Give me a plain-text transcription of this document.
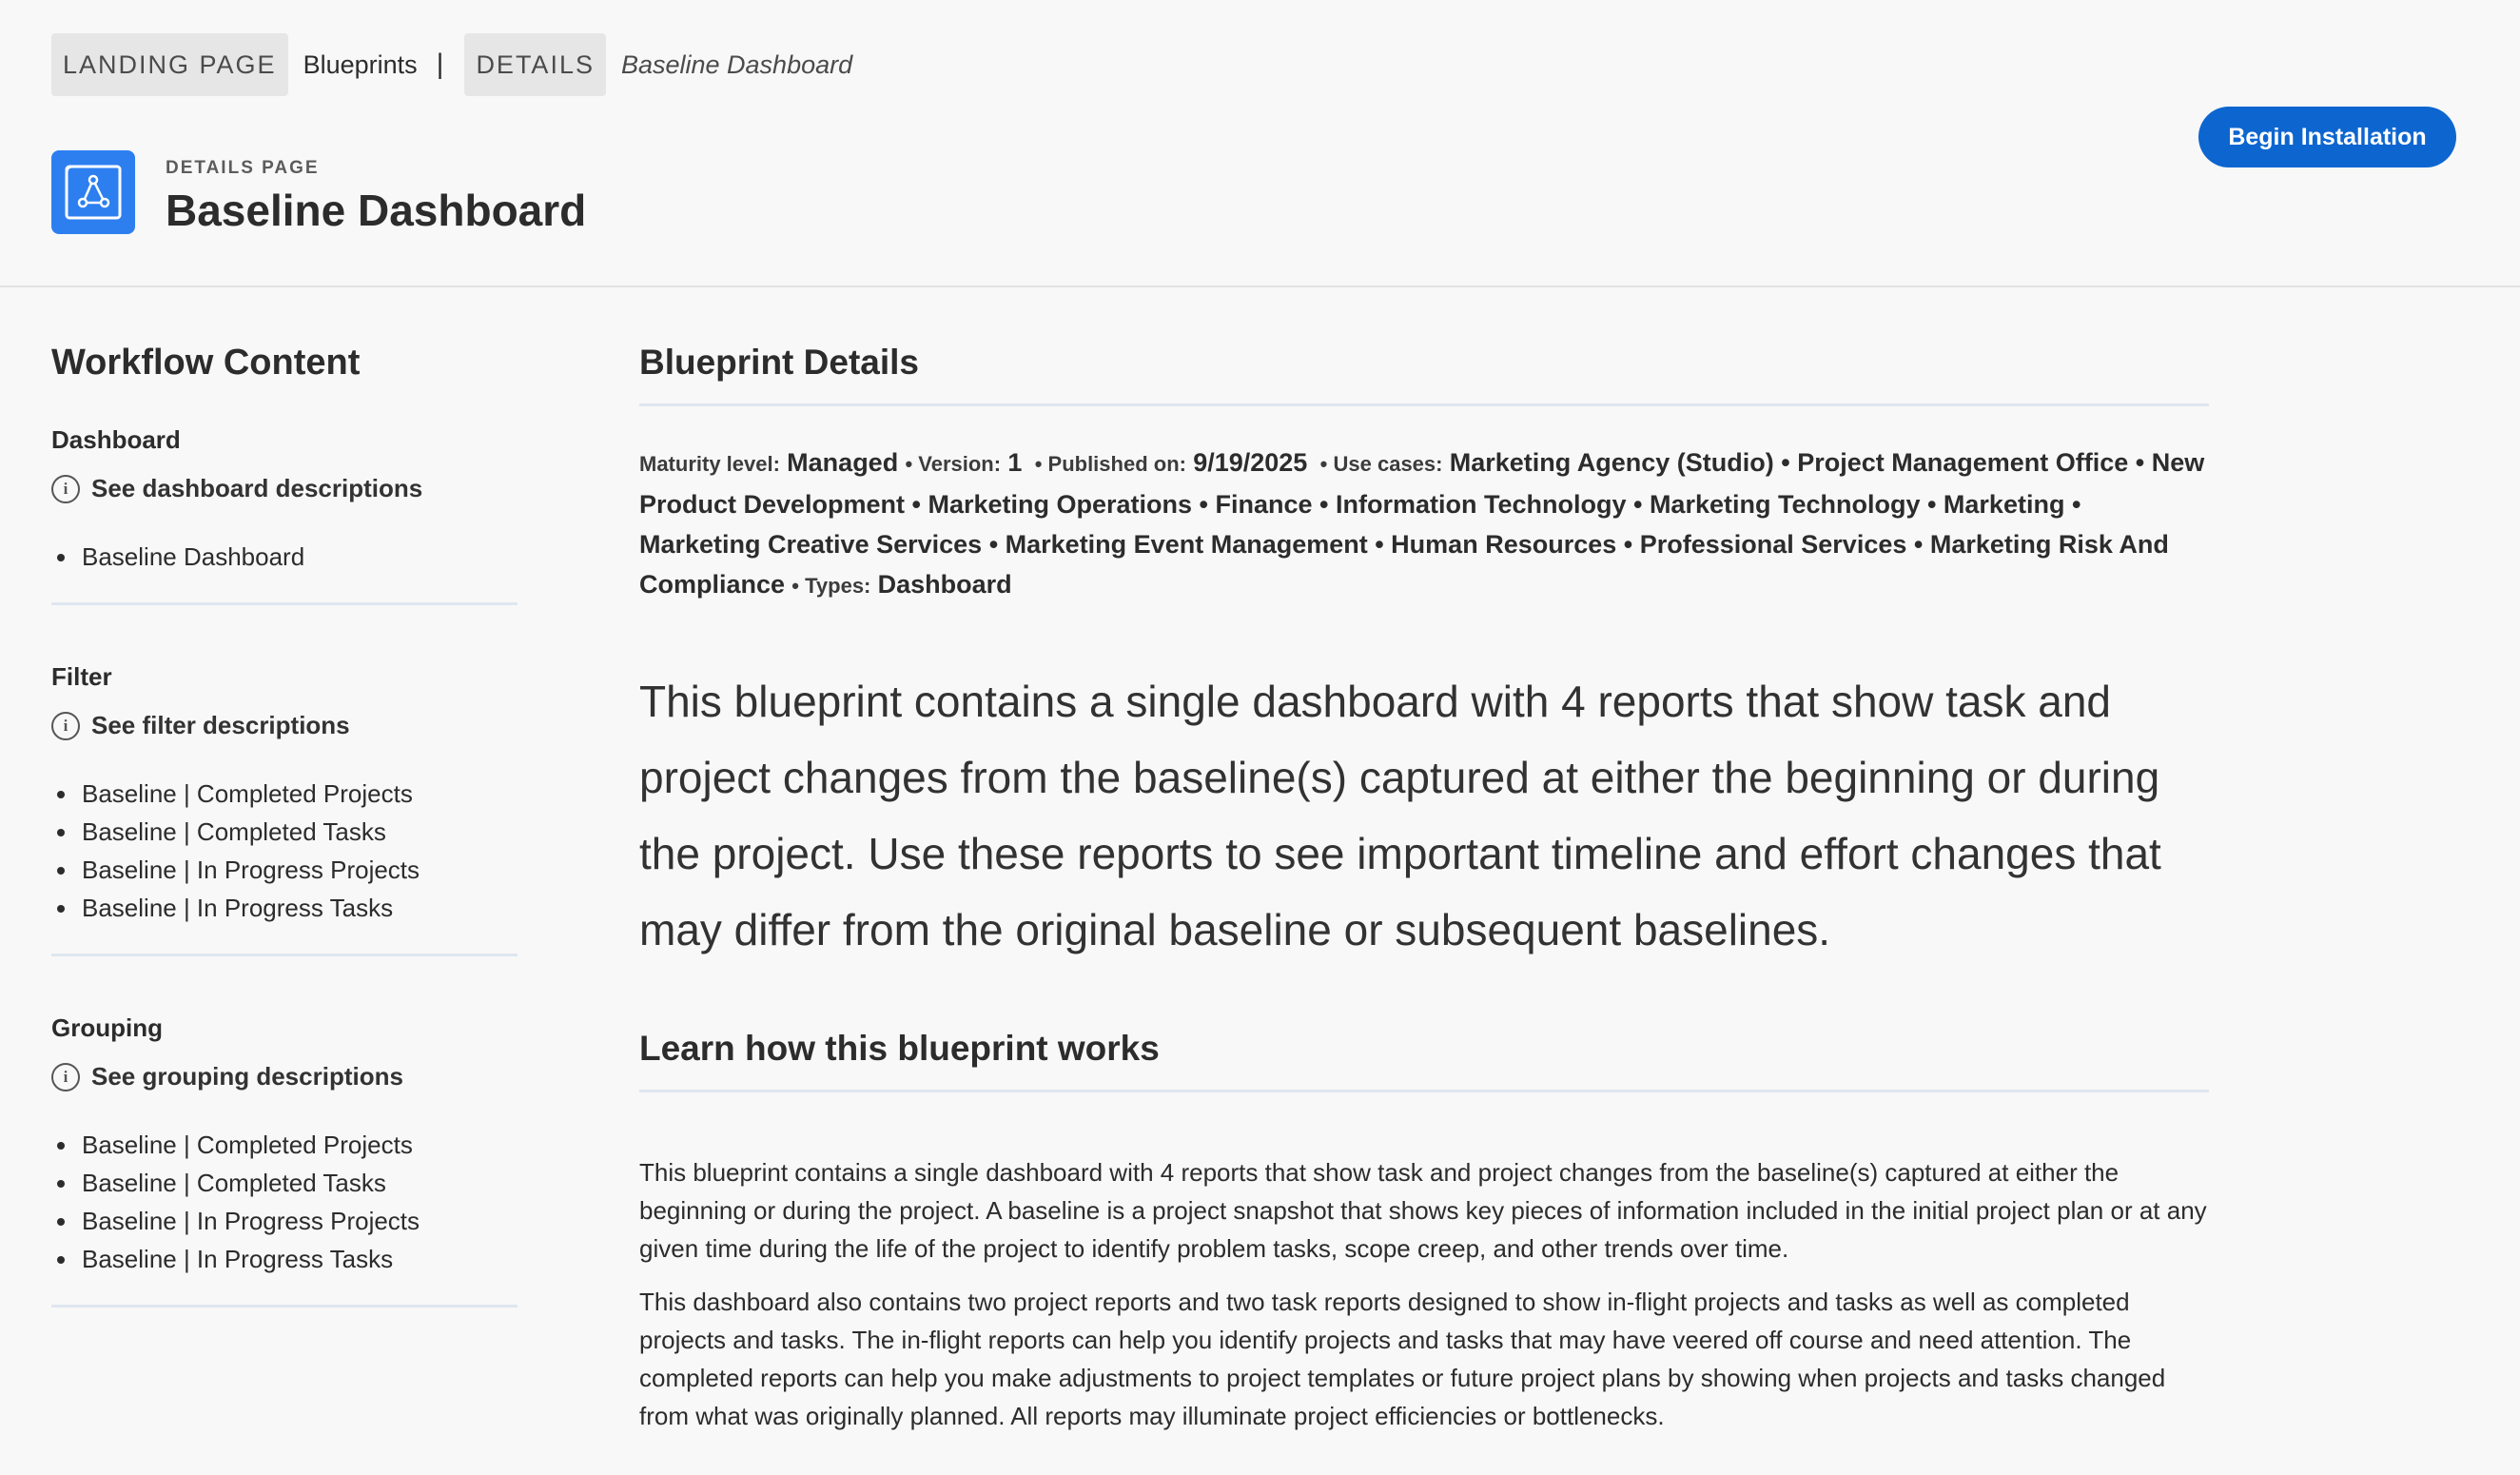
LANDING PAGE	Blueprints |	DETAILS	Baseline Dashboard
DETAILS PAGE
Baseline Dashboard
Begin Installation
Workflow Content
Dashboard
i See dashboard descriptions
Baseline Dashboard
Filter
i See filter descriptions
Baseline | Completed Projects
Baseline | Completed Tasks
Baseline | In Progress Projects
Baseline | In Progress Tasks
Grouping
i See grouping descriptions
Baseline | Completed Projects
Baseline | Completed Tasks
Baseline | In Progress Projects
Baseline | In Progress Tasks
Blueprint Details
Maturity level: Managed • Version: 1  • Published on: 9/19/2025  • Use cases: Marketing Agency (Studio) • Project Management Office • New Product Development • Marketing Operations • Finance • Information Technology • Marketing Technology • Marketing • Marketing Creative Services • Marketing Event Management • Human Resources • Professional Services • Marketing Risk And Compliance • Types: Dashboard

This blueprint contains a single dashboard with 4 reports that show task and project changes from the baseline(s) captured at either the beginning or during the project. Use these reports to see important timeline and effort changes that may differ from the original baseline or subsequent baselines.

Learn how this blueprint works

This blueprint contains a single dashboard with 4 reports that show task and project changes from the baseline(s) captured at either the beginning or during the project. A baseline is a project snapshot that shows key pieces of information included in the initial project plan or at any given time during the life of the project to identify problem tasks, scope creep, and other trends over time.

This dashboard also contains two project reports and two task reports designed to show in-flight projects and tasks as well as completed projects and tasks. The in-flight reports can help you identify projects and tasks that may have veered off course and need attention. The completed reports can help you make adjustments to project templates or future project plans by showing when projects and tasks changed from what was originally planned. All reports may illuminate project efficiencies or bottlenecks.
